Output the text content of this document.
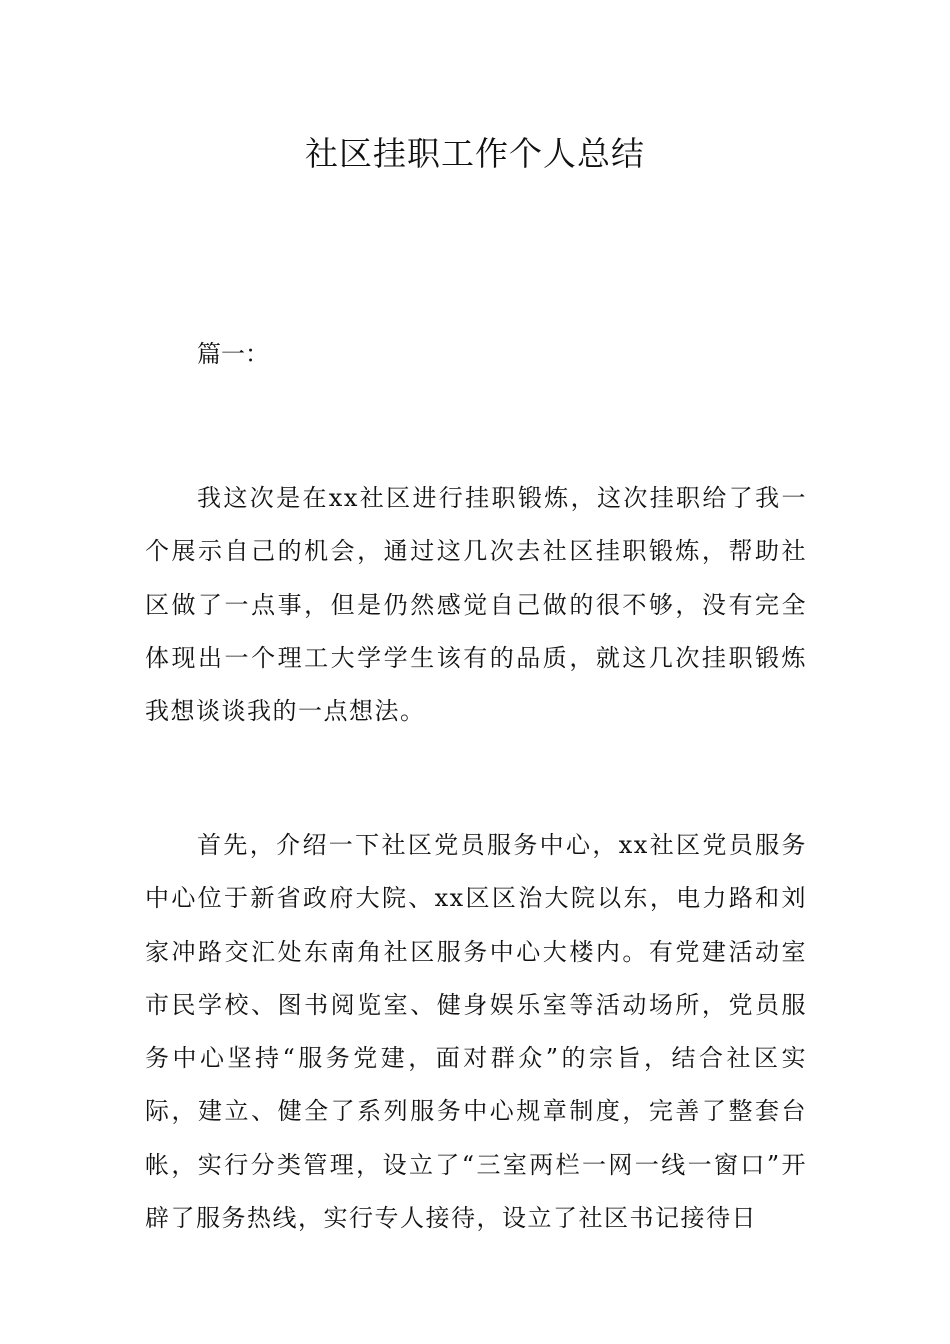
社区挂职工作个人总结

篇一：

我这次是在xx社区进行挂职锻炼，这次挂职给了我一个展示自己的机会，通过这几次去社区挂职锻炼，帮助社区做了一点事，但是仍然感觉自己做的很不够，没有完全体现出一个理工大学学生该有的品质，就这几次挂职锻炼我想谈谈我的一点想法。

首先，介绍一下社区党员服务中心，xx社区党员服务中心位于新省政府大院、xx区区治大院以东，电力路和刘家冲路交汇处东南角社区服务中心大楼内。有党建活动室市民学校、图书阅览室、健身娱乐室等活动场所，党员服务中心坚持“服务党建，面对群众”的宗旨，结合社区实际，建立、健全了系列服务中心规章制度，完善了整套台帐，实行分类管理，设立了“三室两栏一网一线一窗口”开辟了服务热线，实行专人接待，设立了社区书记接待日
